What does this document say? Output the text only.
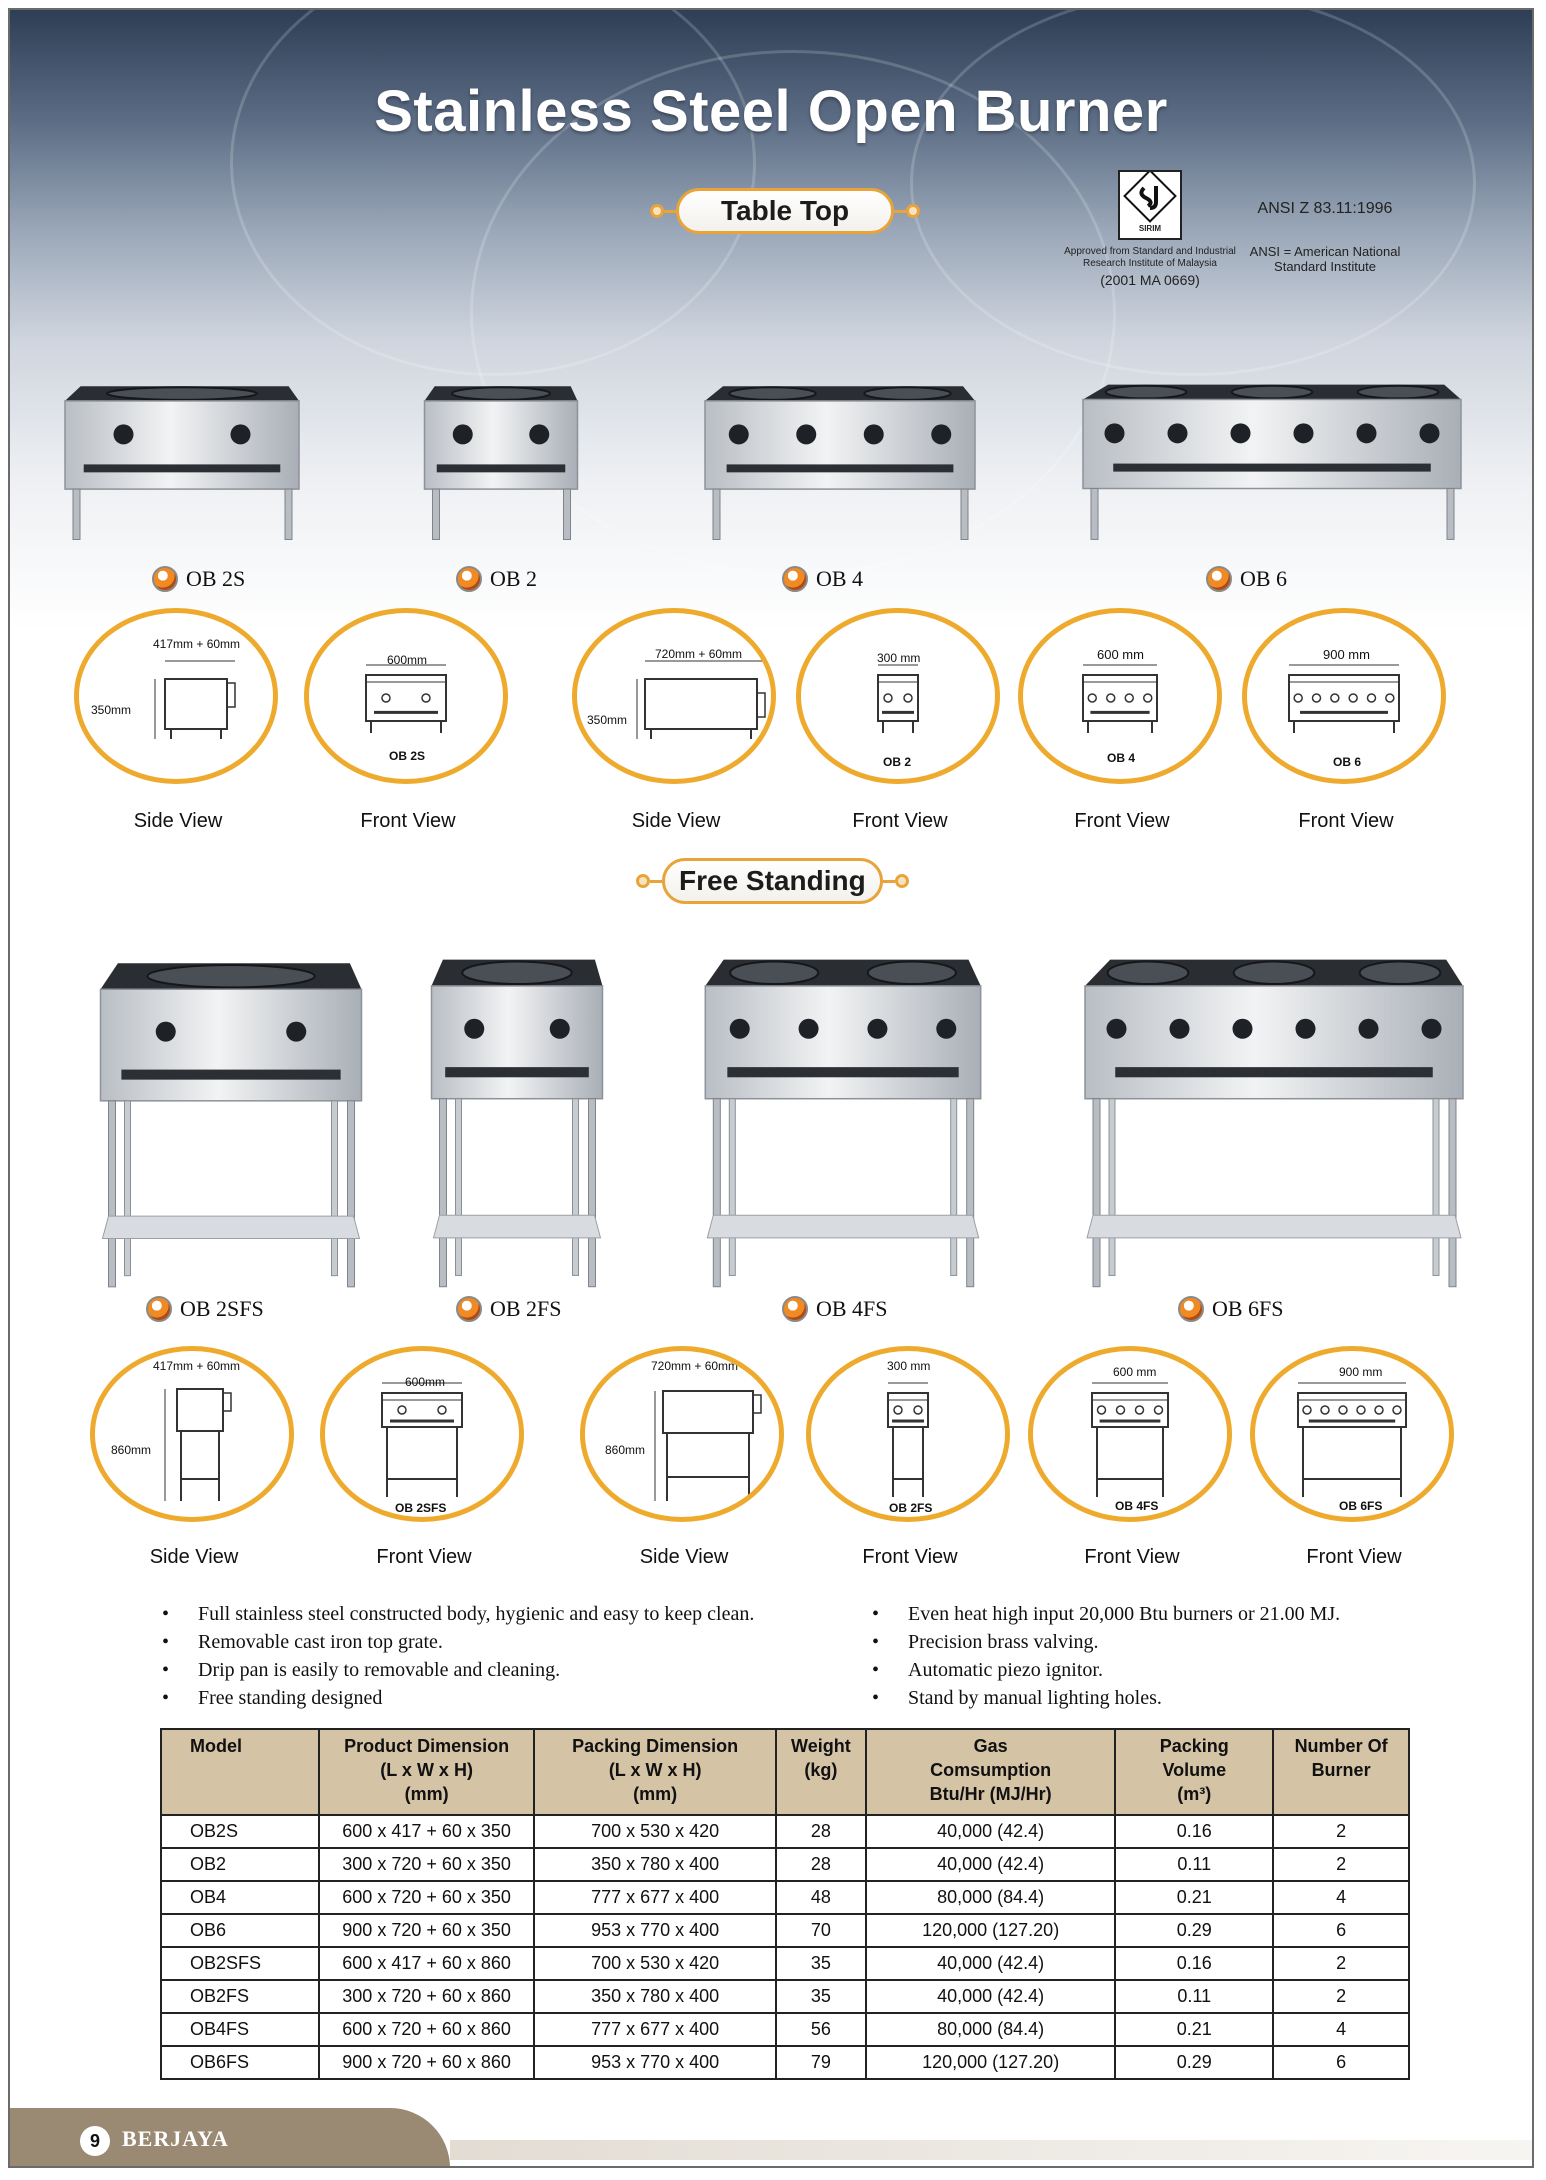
Stainless Steel Open Burner
Table Top
SIRIM
Approved from Standard and Industrial Research Institute of Malaysia
(2001 MA 0669)
ANSI Z 83.11:1996
ANSI = American National Standard Institute
OB 2S	OB 2	OB 4	OB 6
417mm + 60mm
350mm
600mm
OB 2S
720mm + 60mm
350mm
300 mm
OB 2
600 mm
OB 4
900 mm
OB 6
Side View	Front View	Side View	Front View	Front View	Front View
Free Standing
OB 2SFS	OB 2FS	OB 4FS	OB 6FS
417mm + 60mm
860mm
600mm
OB 2SFS
720mm + 60mm
860mm
300 mm
OB 2FS
600 mm
OB 4FS
900 mm
OB 6FS
Side View	Front View	Side View	Front View	Front View	Front View
• Full stainless steel constructed body, hygienic and easy to keep clean.
• Removable cast iron top grate.
• Drip pan is easily to removable and cleaning.
• Free standing designed
• Even heat high input 20,000 Btu burners or 21.00 MJ.
• Precision brass valving.
• Automatic piezo ignitor.
• Stand by manual lighting holes.
Model	Product Dimension
(L x W x H)
(mm)	Packing Dimension
(L x W x H)
(mm)	Weight
(kg)	Gas
Comsumption
Btu/Hr (MJ/Hr)	Packing
Volume
(m³)	Number Of
Burner
OB2S	600 x 417 + 60 x 350	700 x 530 x 420	28	40,000 (42.4)	0.16	2
OB2	300 x 720 + 60 x 350	350 x 780 x 400	28	40,000 (42.4)	0.11	2
OB4	600 x 720 + 60 x 350	777 x 677 x 400	48	80,000 (84.4)	0.21	4
OB6	900 x 720 + 60 x 350	953 x 770 x 400	70	120,000 (127.20)	0.29	6
OB2SFS	600 x 417 + 60 x 860	700 x 530 x 420	35	40,000 (42.4)	0.16	2
OB2FS	300 x 720 + 60 x 860	350 x 780 x 400	35	40,000 (42.4)	0.11	2
OB4FS	600 x 720 + 60 x 860	777 x 677 x 400	56	80,000 (84.4)	0.21	4
OB6FS	900 x 720 + 60 x 860	953 x 770 x 400	79	120,000 (127.20)	0.29	6
9	BERJAYA
